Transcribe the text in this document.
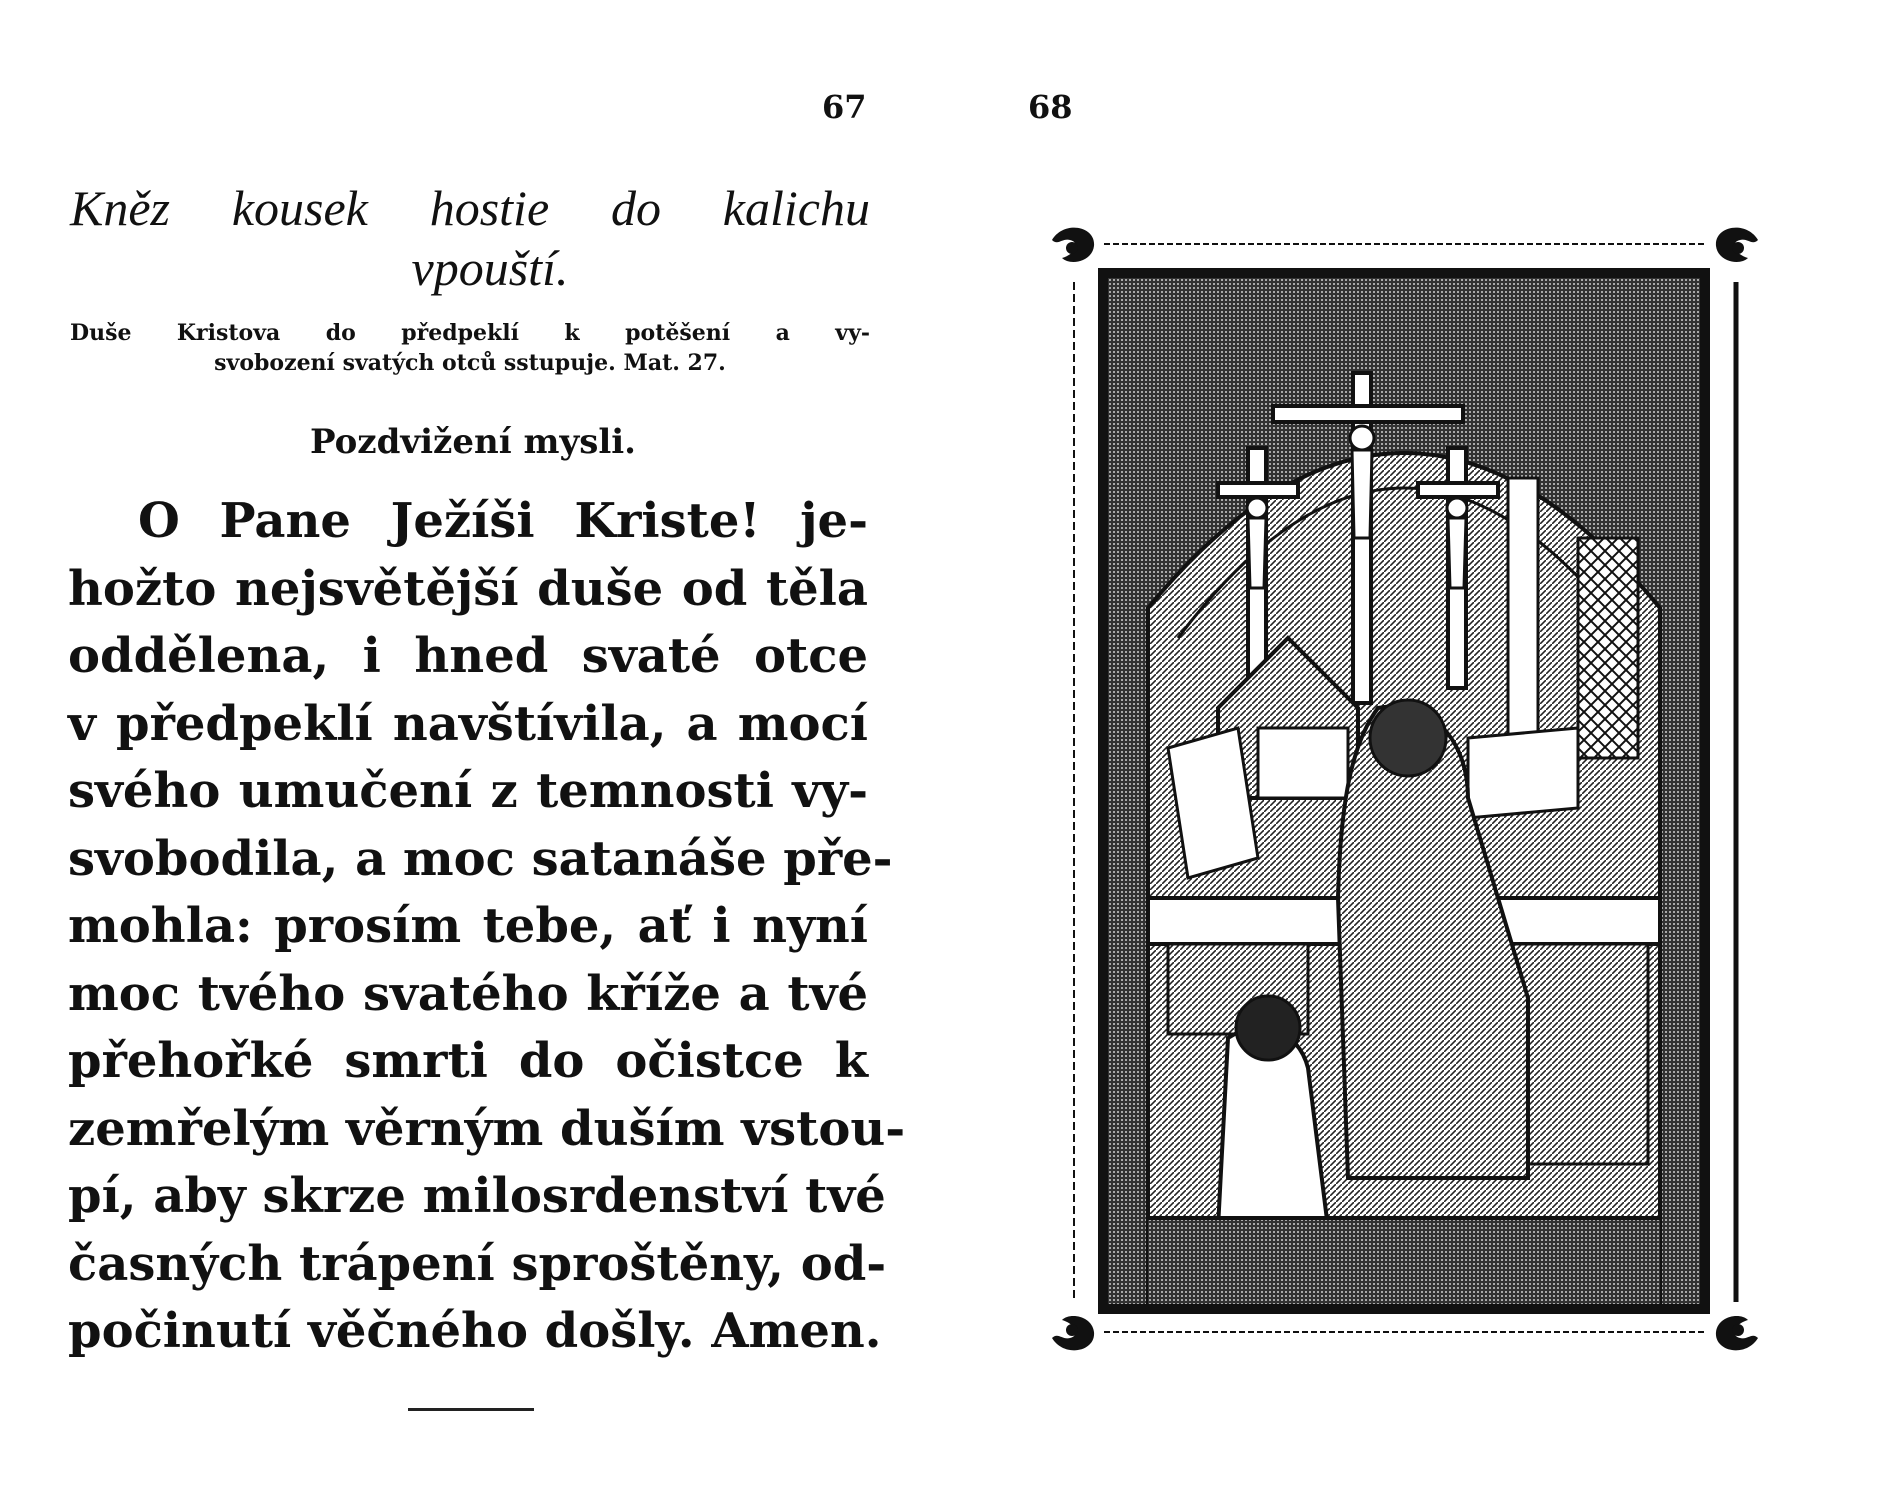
67
Kněz kousek hostie do kalichu
vpouští.
Duše Kristova do předpeklí k potěšení a vy-
svobození svatých otců sstupuje. Mat. 27.
Pozdvižení mysli.
O Pane Ježíši Kriste! je-
hožto nejsvětější duše od těla
oddělena, i hned svaté otce
v předpeklí navštívila, a mocí
svého umučení z temnosti vy-
svobodila, a moc satanáše pře-
mohla: prosím tebe, ať i nyní
moc tvého svatého kříže a tvé
přehořké smrti do očistce k
zemřelým věrným duším vstou-
pí, aby skrze milosrdenství tvé
časných trápení sproštěny, od-
počinutí věčného došly. Amen.
68
